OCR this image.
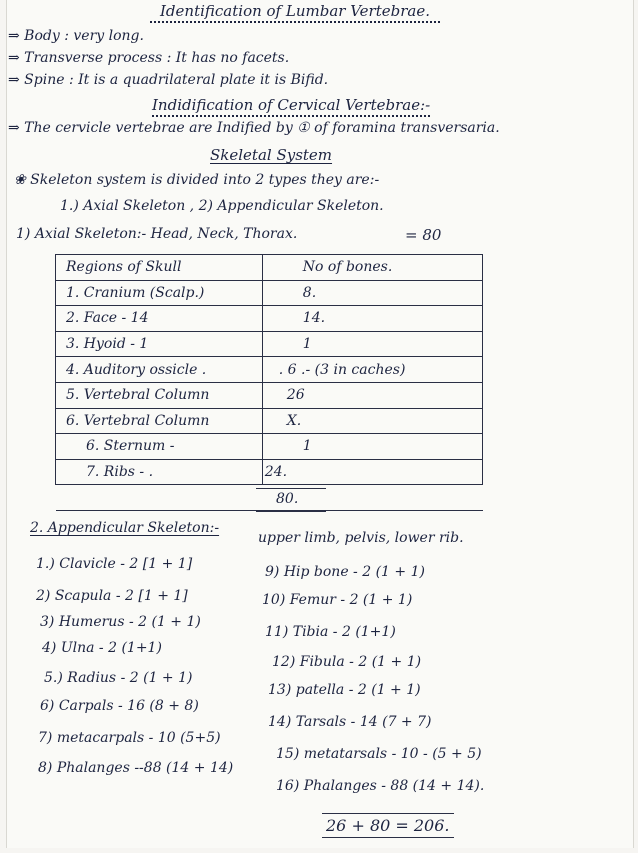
Identification of Lumbar Vertebrae.
⇒ Body : very long.
⇒ Transverse process : It has no facets.
⇒ Spine : It is a quadrilateral plate it is Bifid.
Indidification of Cervical Vertebrae:-
⇒ The cervicle vertebrae are Indified by ① of foramina transversaria.
Skeletal System
❀ Skeleton system is divided into 2 types they are:-
1.) Axial Skeleton , 2) Appendicular Skeleton.
1) Axial Skeleton:- Head, Neck, Thorax.	= 80
Regions of Skull	No of bones.
1. Cranium (Scalp.)	8.
2. Face - 14	14.
3. Hyoid - 1	1
4. Auditory ossicle .	. 6 .- (3 in caches)
5. Vertebral Column	26
6. Vertebral Column	X.
6. Sternum -	1
7. Ribs - .	24.

80.
2. Appendicular Skeleton:-
upper limb, pelvis, lower rib.
1.) Clavicle - 2 [1 + 1]
2) Scapula - 2 [1 + 1]
3) Humerus - 2 (1 + 1)
4) Ulna - 2 (1+1)
5.) Radius - 2 (1 + 1)
6) Carpals - 16 (8 + 8)
7) metacarpals - 10 (5+5)
8) Phalanges --88 (14 + 14)
9) Hip bone - 2 (1 + 1)
10) Femur - 2 (1 + 1)
11) Tibia - 2 (1+1)
12) Fibula - 2 (1 + 1)
13) patella - 2 (1 + 1)
14) Tarsals - 14 (7 + 7)
15) metatarsals - 10 - (5 + 5)
16) Phalanges - 88 (14 + 14).
26 + 80 = 206.
